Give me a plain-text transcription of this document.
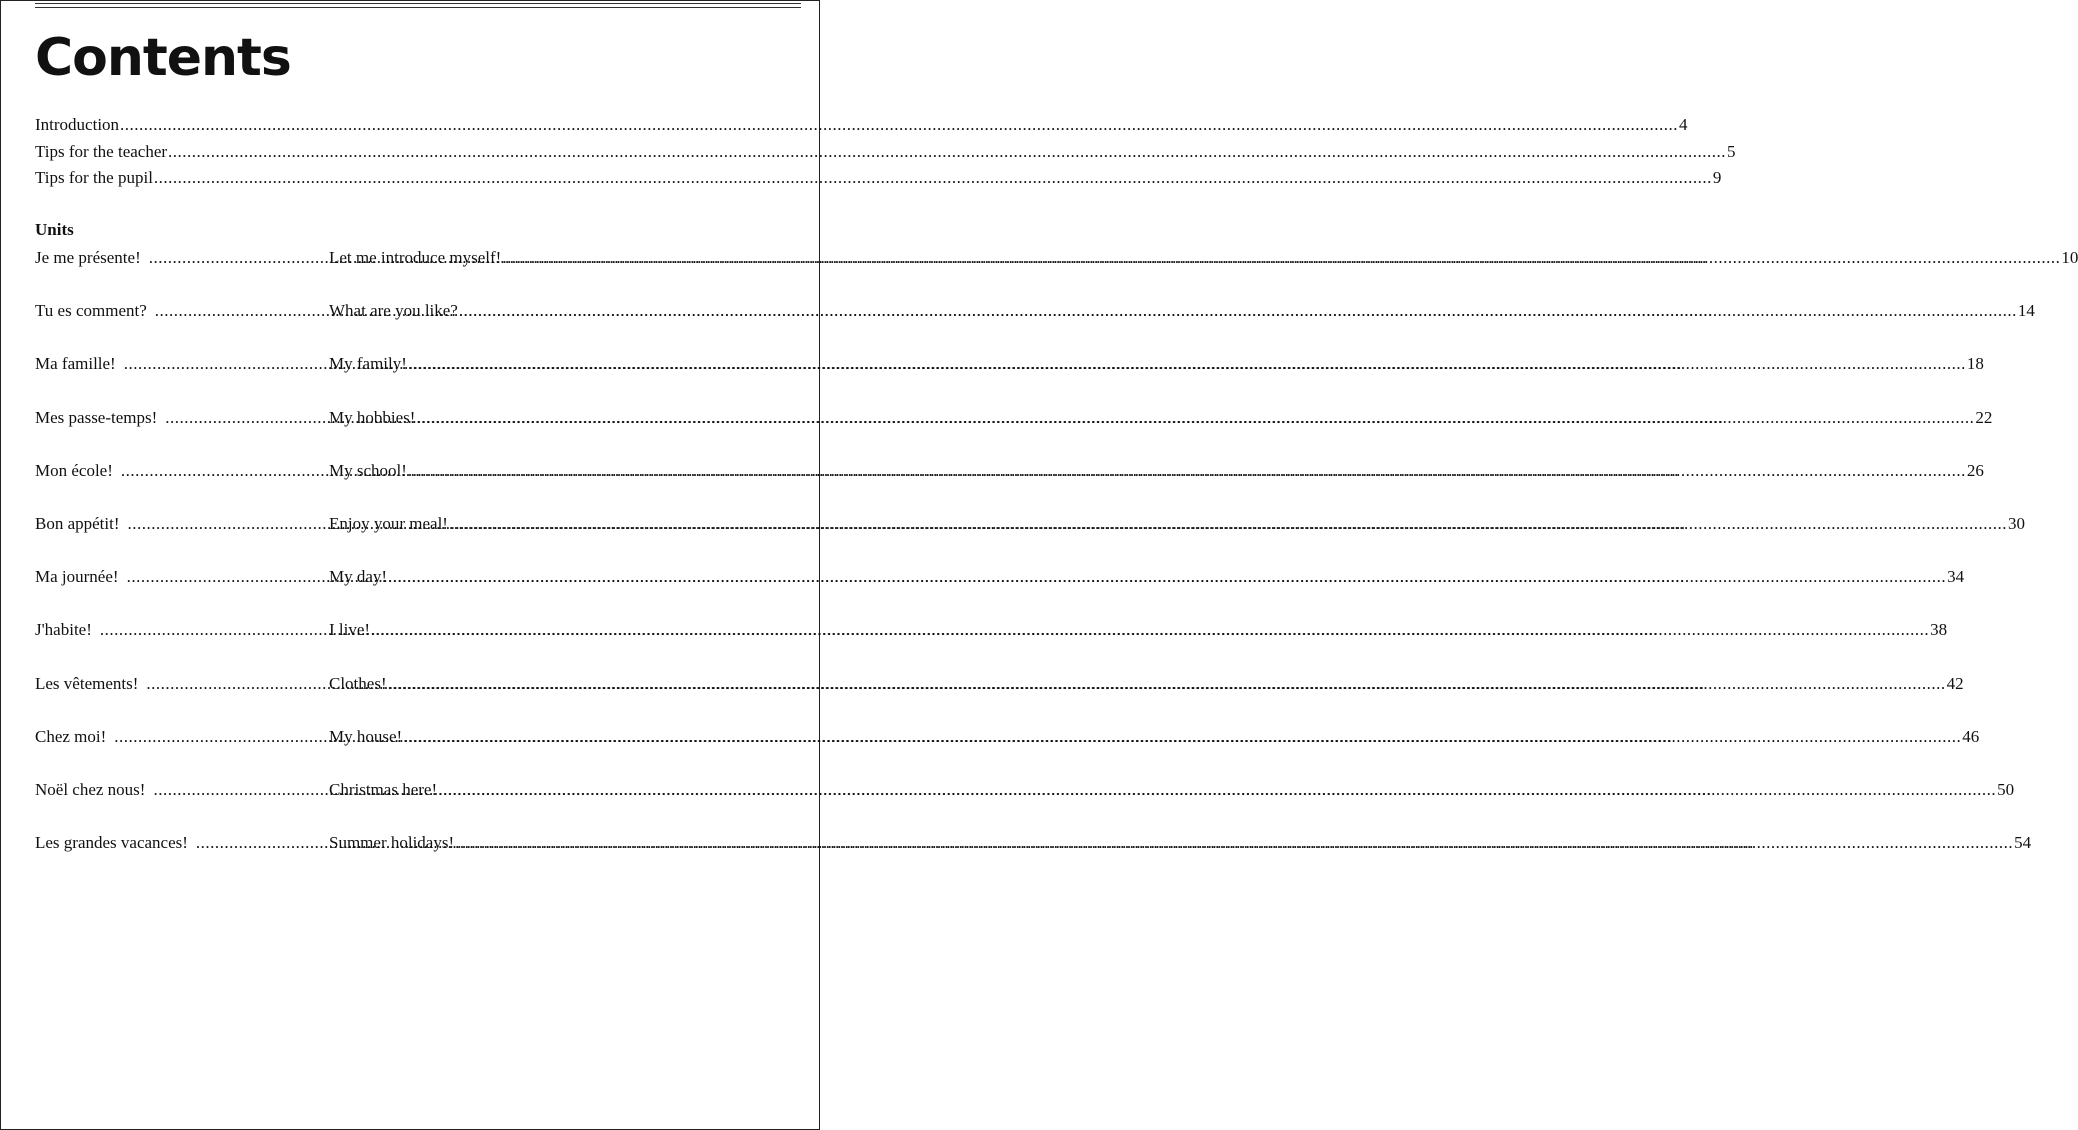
Contents
Introduction .....	4
Tips for the teacher .....	5
Tips for the pupil .....	9
Units
Je me présente! .....	Let me introduce myself! .....	10
Tu es comment? .....	What are you like? .....	14
Ma famille! .....	My family! .....	18
Mes passe-temps! .....	My hobbies! .....	22
Mon école! .....	My school! .....	26
Bon appétit! .....	Enjoy your meal! .....	30
Ma journée! .....	My day! .....	34
J'habite! .....	I live! .....	38
Les vêtements! .....	Clothes! .....	42
Chez moi! .....	My house! .....	46
Noël chez nous! .....	Christmas here! .....	50
Les grandes vacances! .....	Summer holidays! .....	54
